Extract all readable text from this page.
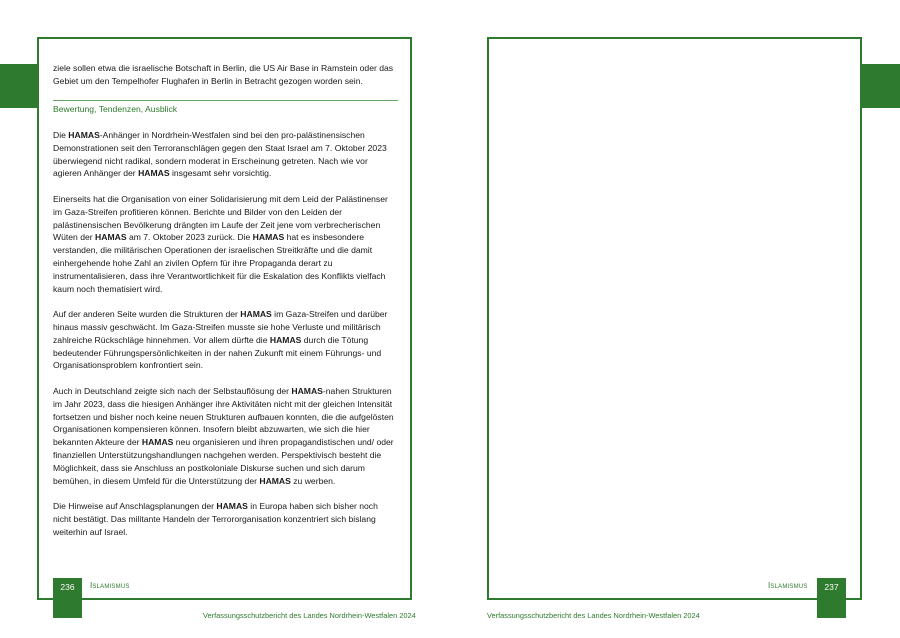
ziele sollen etwa die israelische Botschaft in Berlin, die US Air Base in Ramstein oder das Gebiet um den Tempelhofer Flughafen in Berlin in Betracht gezogen worden sein.

Bewertung, Tendenzen, Ausblick

Die HAMAS-Anhänger in Nordrhein-Westfalen sind bei den pro-palästinensischen Demonstrationen seit den Terroranschlägen gegen den Staat Israel am 7. Oktober 2023 überwiegend nicht radikal, sondern moderat in Erscheinung getreten. Nach wie vor agieren Anhänger der HAMAS insgesamt sehr vorsichtig.

Einerseits hat die Organisation von einer Solidarisierung mit dem Leid der Palästinenser im Gaza-Streifen profitieren können. Berichte und Bilder von den Leiden der palästinensischen Bevölkerung drängten im Laufe der Zeit jene vom verbrecherischen Wüten der HAMAS am 7. Oktober 2023 zurück. Die HAMAS hat es insbesondere verstanden, die militärischen Operationen der israelischen Streitkräfte und die damit einhergehende hohe Zahl an zivilen Opfern für ihre Propaganda derart zu instrumentalisieren, dass ihre Verantwortlichkeit für die Eskalation des Konflikts vielfach kaum noch thematisiert wird.

Auf der anderen Seite wurden die Strukturen der HAMAS im Gaza-Streifen und darüber hinaus massiv geschwächt. Im Gaza-Streifen musste sie hohe Verluste und militärisch zahlreiche Rückschläge hinnehmen. Vor allem dürfte die HAMAS durch die Tötung bedeutender Führungspersönlichkeiten in der nahen Zukunft mit einem Führungs- und Organisationsproblem konfrontiert sein.

Auch in Deutschland zeigte sich nach der Selbstauflösung der HAMAS-nahen Strukturen im Jahr 2023, dass die hiesigen Anhänger ihre Aktivitäten nicht mit der gleichen Intensität fortsetzen und bisher noch keine neuen Strukturen aufbauen konnten, die die aufgelösten Organisationen kompensieren können. Insofern bleibt abzuwarten, wie sich die hier bekannten Akteure der HAMAS neu organisieren und ihren propagandistischen und/ oder finanziellen Unterstützungshandlungen nachgehen werden. Perspektivisch besteht die Möglichkeit, dass sie Anschluss an postkoloniale Diskurse suchen und sich darum bemühen, in diesem Umfeld für die Unterstützung der HAMAS zu werben.

Die Hinweise auf Anschlagsplanungen der HAMAS in Europa haben sich bisher noch nicht bestätigt. Das militante Handeln der Terrororganisation konzentriert sich bislang weiterhin auf Israel.

236	Islamismus
Verfassungsschutzbericht des Landes Nordrhein-Westfalen 2024
237
Islamismus
Verfassungsschutzbericht des Landes Nordrhein-Westfalen 2024
